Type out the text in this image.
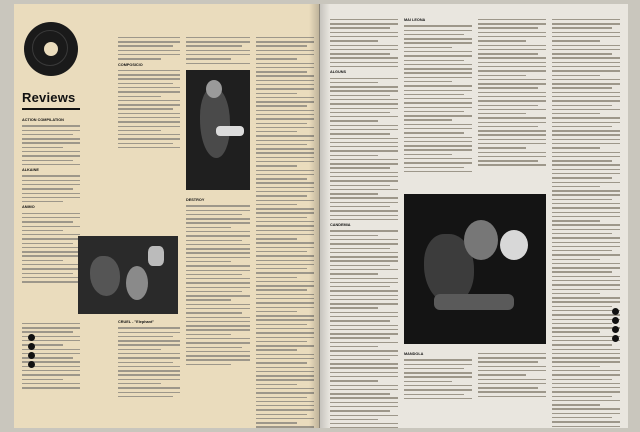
Reviews
ACTION COMPILATION
ALKAINE
ANIMO
COMPOSICIO
CRUEL - "Elephant"
DESTROY
ALGUNS
CANDEMIA
MAI LEONA
MANDOLA
